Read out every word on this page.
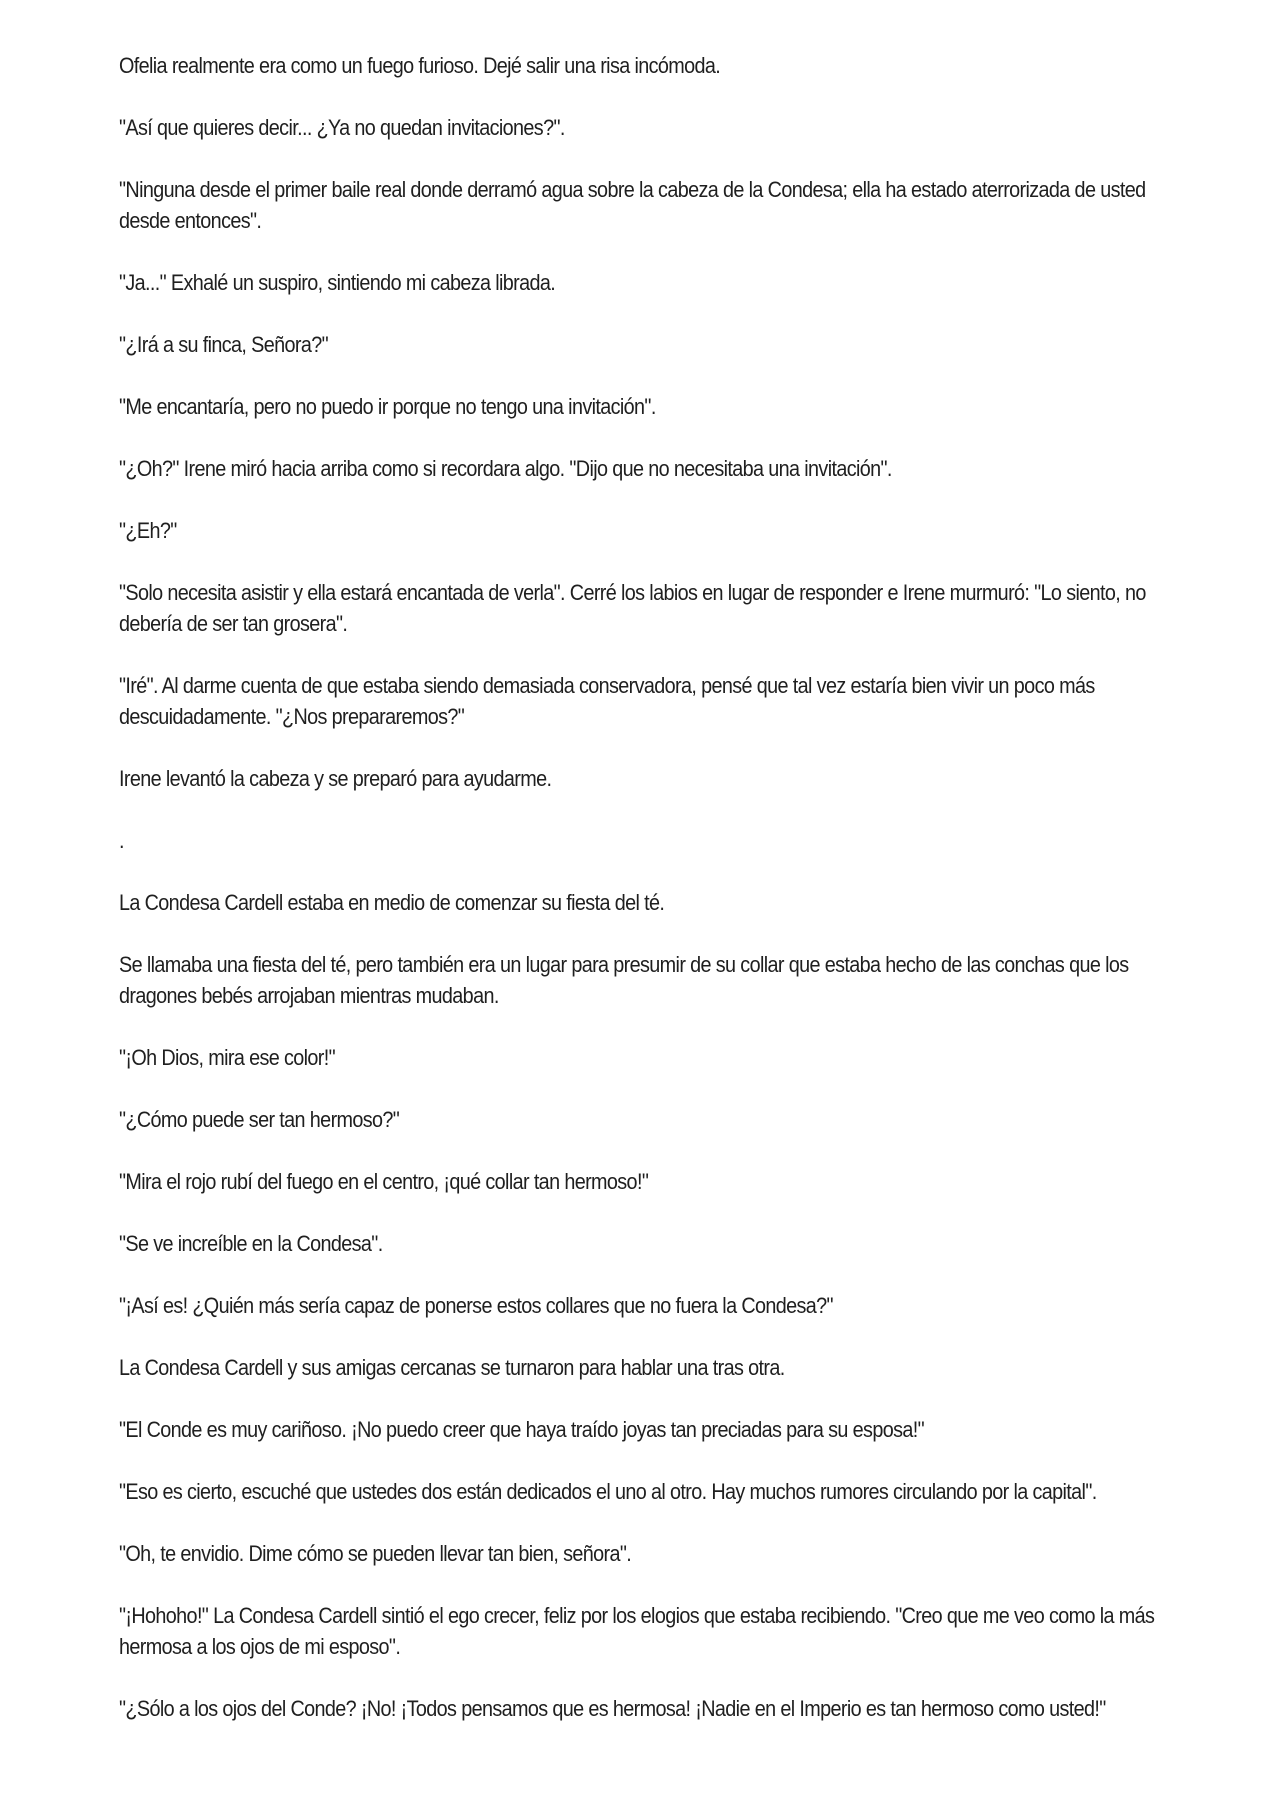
Ofelia realmente era como un fuego furioso. Dejé salir una risa incómoda.

"Así que quieres decir... ¿Ya no quedan invitaciones?".

"Ninguna desde el primer baile real donde derramó agua sobre la cabeza de la Condesa; ella ha estado aterrorizada de usted desde entonces".

"Ja..." Exhalé un suspiro, sintiendo mi cabeza librada.

"¿Irá a su finca, Señora?"

"Me encantaría, pero no puedo ir porque no tengo una invitación".

"¿Oh?" Irene miró hacia arriba como si recordara algo. "Dijo que no necesitaba una invitación".

"¿Eh?"

"Solo necesita asistir y ella estará encantada de verla". Cerré los labios en lugar de responder e Irene murmuró: "Lo siento, no debería de ser tan grosera".

"Iré". Al darme cuenta de que estaba siendo demasiada conservadora, pensé que tal vez estaría bien vivir un poco más descuidadamente. "¿Nos prepararemos?"

Irene levantó la cabeza y se preparó para ayudarme.

.

La Condesa Cardell estaba en medio de comenzar su fiesta del té.

Se llamaba una fiesta del té, pero también era un lugar para presumir de su collar que estaba hecho de las conchas que los dragones bebés arrojaban mientras mudaban.

"¡Oh Dios, mira ese color!"

"¿Cómo puede ser tan hermoso?"

"Mira el rojo rubí del fuego en el centro, ¡qué collar tan hermoso!"

"Se ve increíble en la Condesa".

"¡Así es! ¿Quién más sería capaz de ponerse estos collares que no fuera la Condesa?"

La Condesa Cardell y sus amigas cercanas se turnaron para hablar una tras otra.

"El Conde es muy cariñoso. ¡No puedo creer que haya traído joyas tan preciadas para su esposa!"

"Eso es cierto, escuché que ustedes dos están dedicados el uno al otro. Hay muchos rumores circulando por la capital".

"Oh, te envidio. Dime cómo se pueden llevar tan bien, señora".

"¡Hohoho!" La Condesa Cardell sintió el ego crecer, feliz por los elogios que estaba recibiendo. "Creo que me veo como la más hermosa a los ojos de mi esposo".

"¿Sólo a los ojos del Conde? ¡No! ¡Todos pensamos que es hermosa! ¡Nadie en el Imperio es tan hermoso como usted!"
